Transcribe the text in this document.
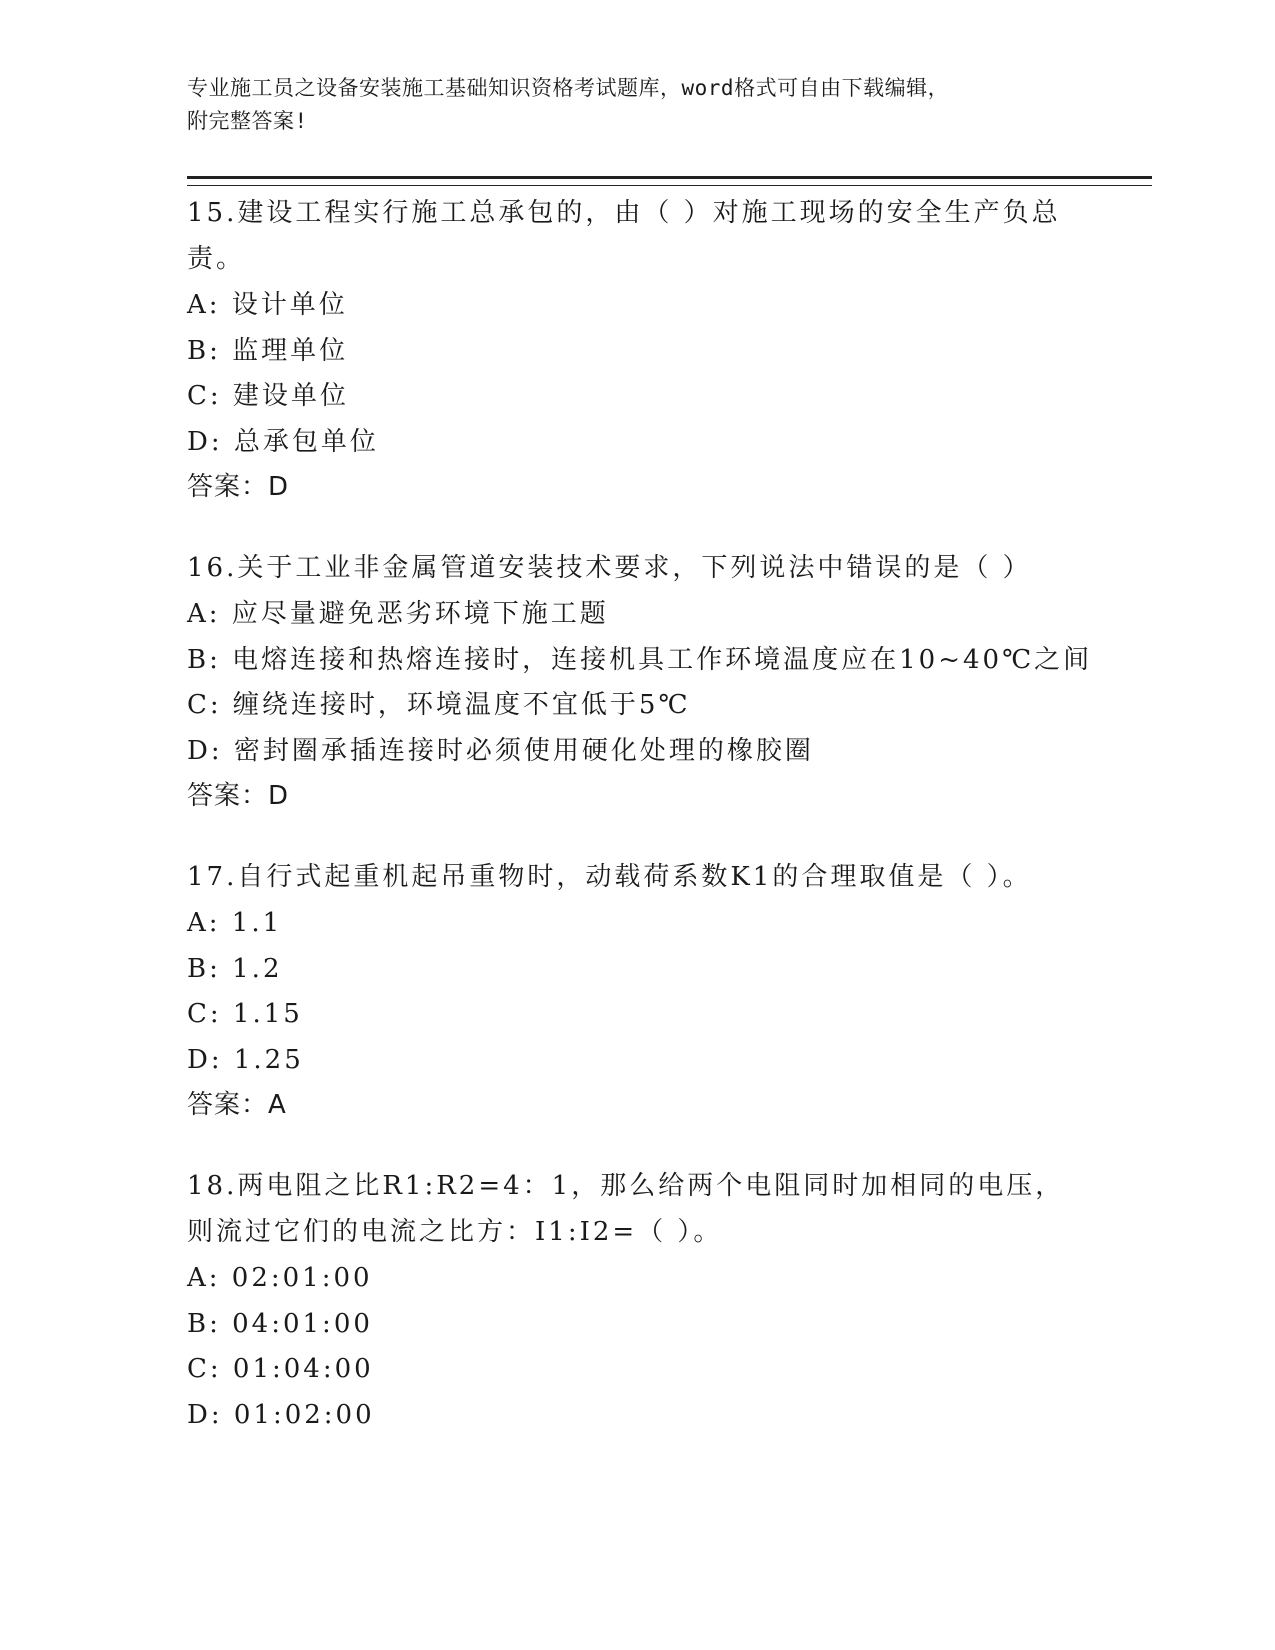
专业施工员之设备安装施工基础知识资格考试题库，word格式可自由下载编辑，
附完整答案!
15.建设工程实行施工总承包的，由（ ）对施工现场的安全生产负总责。
A: 设计单位
B: 监理单位
C: 建设单位
D: 总承包单位
答案：D
16.关于工业非金属管道安装技术要求，下列说法中错误的是（ ）
A: 应尽量避免恶劣环境下施工题
B: 电熔连接和热熔连接时，连接机具工作环境温度应在10~40℃之间
C: 缠绕连接时，环境温度不宜低于5℃
D: 密封圈承插连接时必须使用硬化处理的橡胶圈
答案：D
17.自行式起重机起吊重物时，动载荷系数K1的合理取值是（ ）。
A: 1.1
B: 1.2
C: 1.15
D: 1.25
答案：A
18.两电阻之比R1:R2=4：1，那么给两个电阻同时加相同的电压，则流过它们的电流之比方：I1:I2=（ ）。
A: 02:01:00
B: 04:01:00
C: 01:04:00
D: 01:02:00
